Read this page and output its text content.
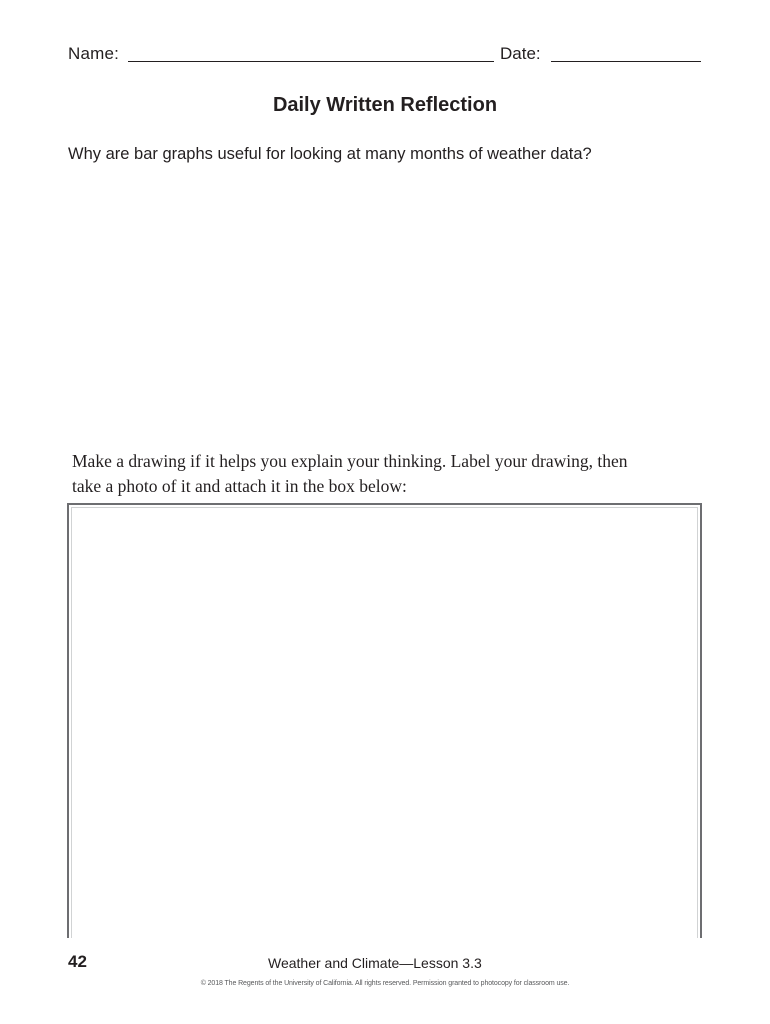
Name:	Date:
Daily Written Reflection
Why are bar graphs useful for looking at many months of weather data?
Make a drawing if it helps you explain your thinking. Label your drawing, then
take a photo of it and attach it in the box below:
42	Weather and Climate—Lesson 3.3
© 2018 The Regents of the University of California. All rights reserved. Permission granted to photocopy for classroom use.
